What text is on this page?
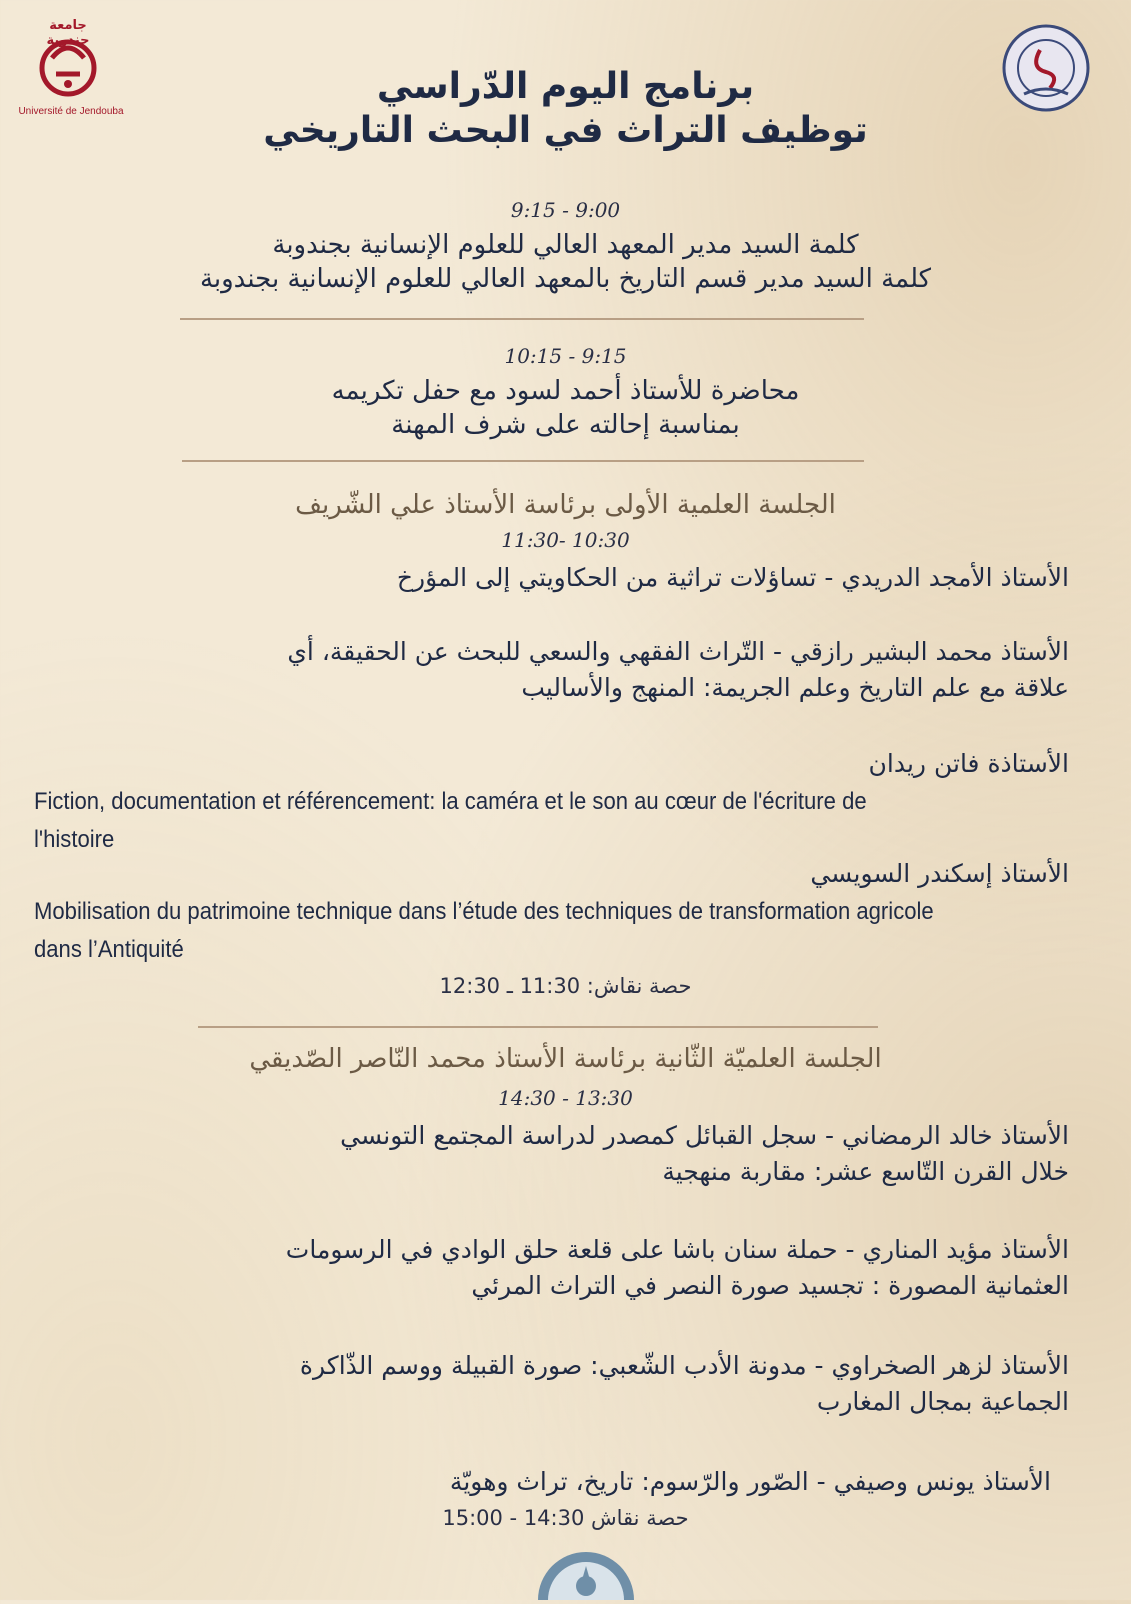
جامعة جندوبة
Université de Jendouba
برنامج اليوم الدّراسي
توظيف التراث في البحث التاريخي
9:15 - 9:00
كلمة السيد مدير المعهد العالي للعلوم الإنسانية بجندوبة
كلمة السيد مدير قسم التاريخ بالمعهد العالي للعلوم الإنسانية بجندوبة
10:15 - 9:15
محاضرة للأستاذ أحمد لسود مع حفل تكريمه
بمناسبة إحالته على شرف المهنة
الجلسة العلمية الأولى برئاسة الأستاذ علي الشّريف
11:30- 10:30
الأستاذ الأمجد الدريدي - تساؤلات تراثية من الحكاويتي إلى المؤرخ
الأستاذ محمد البشير رازقي - التّراث الفقهي والسعي للبحث عن الحقيقة، أي
علاقة مع علم التاريخ وعلم الجريمة: المنهج والأساليب
الأستاذة فاتن ريدان
Fiction, documentation et référencement: la caméra et le son au cœur de l'écriture de
l'histoire
الأستاذ إسكندر السويسي
Mobilisation du patrimoine technique dans l’étude des techniques de transformation agricole
dans l’Antiquité
حصة نقاش: 11:30 ـ 12:30
الجلسة العلميّة الثّانية برئاسة الأستاذ محمد النّاصر الصّديقي
14:30 - 13:30
الأستاذ خالد الرمضاني - سجل القبائل كمصدر لدراسة المجتمع التونسي
خلال القرن التّاسع عشر: مقاربة منهجية
الأستاذ مؤيد المناري - حملة سنان باشا على قلعة حلق الوادي في الرسومات
العثمانية المصورة : تجسيد صورة النصر في التراث المرئي
الأستاذ لزهر الصخراوي - مدونة الأدب الشّعبي: صورة القبيلة ووسم الذّاكرة
الجماعية بمجال المغارب
الأستاذ يونس وصيفي - الصّور والرّسوم: تاريخ، تراث وهويّة
حصة نقاش 14:30 - 15:00
